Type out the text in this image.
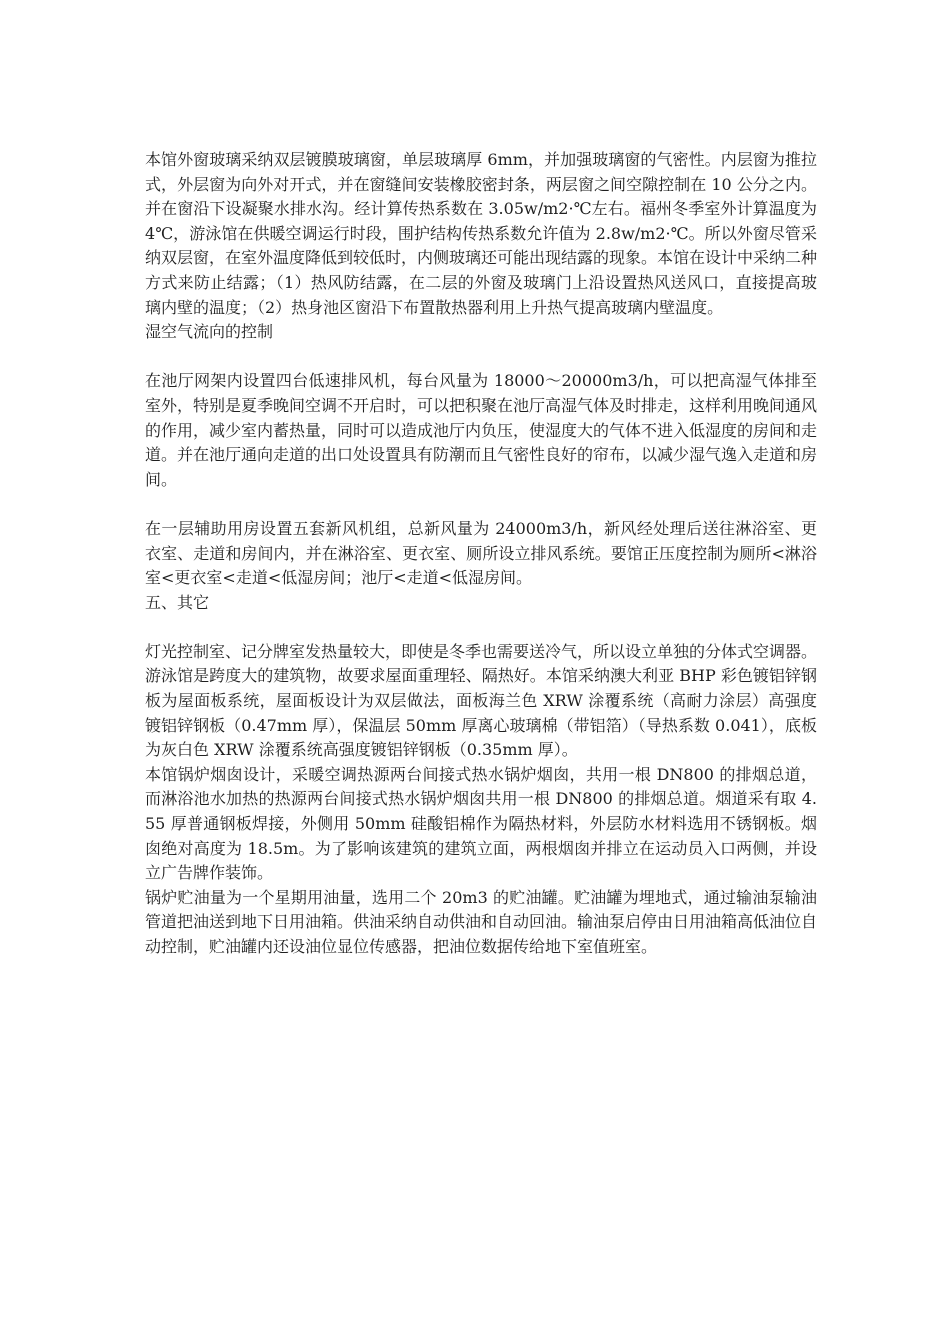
本馆外窗玻璃采纳双层镀膜玻璃窗，单层玻璃厚 6mm，并加强玻璃窗的气密性。内层窗为推拉式，外层窗为向外对开式，并在窗缝间安装橡胶密封条，两层窗之间空隙控制在 10 公分之内。并在窗沿下设凝聚水排水沟。经计算传热系数在 3.05w/m2·℃左右。福州冬季室外计算温度为 4℃，游泳馆在供暖空调运行时段，围护结构传热系数允许值为 2.8w/m2·℃。所以外窗尽管采纳双层窗，在室外温度降低到较低时，内侧玻璃还可能出现结露的现象。本馆在设计中采纳二种方式来防止结露；（1）热风防结露，在二层的外窗及玻璃门上沿设置热风送风口，直接提高玻璃内壁的温度；（2）热身池区窗沿下布置散热器利用上升热气提高玻璃内壁温度。

湿空气流向的控制

在池厅网架内设置四台低速排风机，每台风量为 18000～20000m3/h，可以把高湿气体排至室外，特别是夏季晚间空调不开启时，可以把积聚在池厅高湿气体及时排走，这样利用晚间通风的作用，减少室内蓄热量，同时可以造成池厅内负压，使湿度大的气体不进入低湿度的房间和走道。并在池厅通向走道的出口处设置具有防潮而且气密性良好的帘布，以减少湿气逸入走道和房间。

在一层辅助用房设置五套新风机组，总新风量为 24000m3/h，新风经处理后送往淋浴室、更衣室、走道和房间内，并在淋浴室、更衣室、厕所设立排风系统。要馆正压度控制为厕所<淋浴室<更衣室<走道<低湿房间；池厅<走道<低湿房间。

五、其它

灯光控制室、记分牌室发热量较大，即使是冬季也需要送冷气，所以设立单独的分体式空调器。

游泳馆是跨度大的建筑物，故要求屋面重理轻、隔热好。本馆采纳澳大利亚 BHP 彩色镀铝锌钢板为屋面板系统，屋面板设计为双层做法，面板海兰色 XRW 涂覆系统（高耐力涂层）高强度镀铝锌钢板（0.47mm 厚），保温层 50mm 厚离心玻璃棉（带铝箔）（导热系数 0.041），底板为灰白色 XRW 涂覆系统高强度镀铝锌钢板（0.35mm 厚）。

本馆锅炉烟囱设计，采暖空调热源两台间接式热水锅炉烟囱，共用一根 DN800 的排烟总道，而淋浴池水加热的热源两台间接式热水锅炉烟囱共用一根 DN800 的排烟总道。烟道采有取 4.55 厚普通钢板焊接，外侧用 50mm 硅酸铝棉作为隔热材料，外层防水材料选用不锈钢板。烟囱绝对高度为 18.5m。为了影响该建筑的建筑立面，两根烟囱并排立在运动员入口两侧，并设立广告牌作装饰。

锅炉贮油量为一个星期用油量，选用二个 20m3 的贮油罐。贮油罐为埋地式，通过输油泵输油管道把油送到地下日用油箱。供油采纳自动供油和自动回油。输油泵启停由日用油箱高低油位自动控制，贮油罐内还设油位显位传感器，把油位数据传给地下室值班室。
